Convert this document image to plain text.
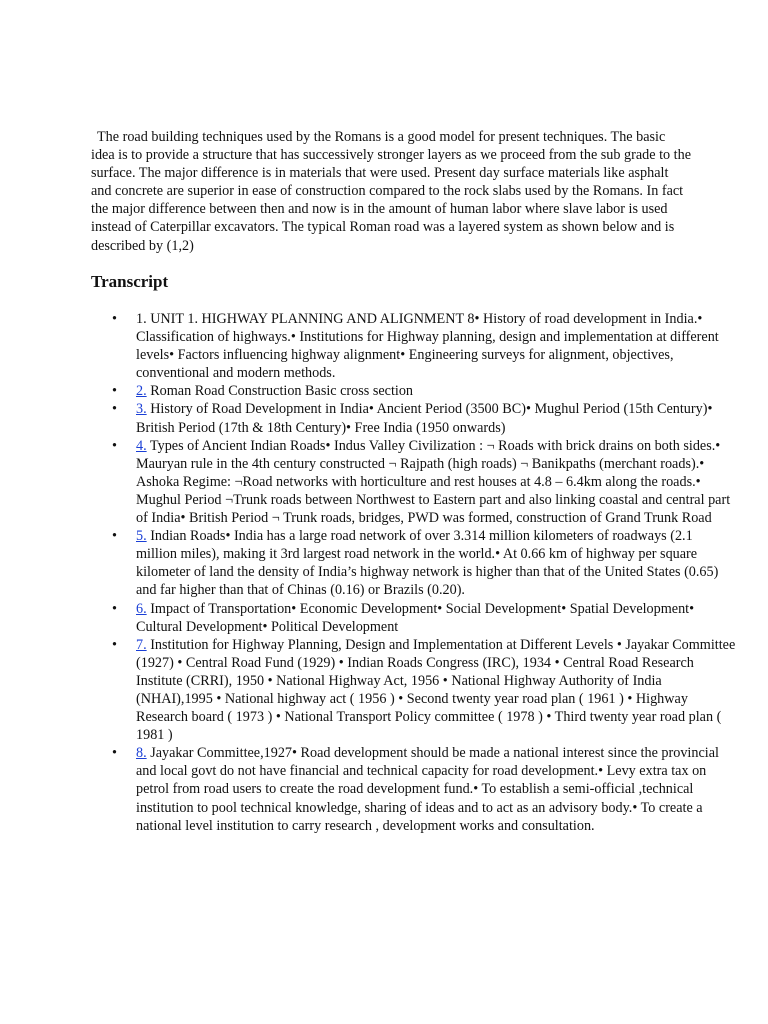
The road building techniques used by the Romans is a good model for present techniques. The basic idea is to provide a structure that has successively stronger layers as we proceed from the sub grade to the surface. The major difference is in materials that were used. Present day surface materials like asphalt and concrete are superior in ease of construction compared to the rock slabs used by the Romans. In fact the major difference between then and now is in the amount of human labor where slave labor is used instead of Caterpillar excavators. The typical Roman road was a layered system as shown below and is described by (1,2)

Transcript
• 1. UNIT 1. HIGHWAY PLANNING AND ALIGNMENT 8• History of road development in India.• Classification of highways.• Institutions for Highway planning, design and implementation at different levels• Factors influencing highway alignment• Engineering surveys for alignment, objectives, conventional and modern methods.
• 2. Roman Road Construction Basic cross section
• 3. History of Road Development in India• Ancient Period (3500 BC)• Mughul Period (15th Century)• British Period (17th & 18th Century)• Free India (1950 onwards)
• 4. Types of Ancient Indian Roads• Indus Valley Civilization : ¬ Roads with brick drains on both sides.• Mauryan rule in the 4th century constructed ¬ Rajpath (high roads) ¬ Banikpaths (merchant roads).• Ashoka Regime: ¬Road networks with horticulture and rest houses at 4.8 – 6.4km along the roads.• Mughul Period ¬Trunk roads between Northwest to Eastern part and also linking coastal and central part of India• British Period ¬ Trunk roads, bridges, PWD was formed, construction of Grand Trunk Road
• 5. Indian Roads• India has a large road network of over 3.314 million kilometers of roadways (2.1 million miles), making it 3rd largest road network in the world.• At 0.66 km of highway per square kilometer of land the density of India’s highway network is higher than that of the United States (0.65) and far higher than that of Chinas (0.16) or Brazils (0.20).
• 6. Impact of Transportation• Economic Development• Social Development• Spatial Development• Cultural Development• Political Development
• 7. Institution for Highway Planning, Design and Implementation at Different Levels • Jayakar Committee (1927) • Central Road Fund (1929) • Indian Roads Congress (IRC), 1934 • Central Road Research Institute (CRRI), 1950 • National Highway Act, 1956 • National Highway Authority of India (NHAI),1995 • National highway act ( 1956 ) • Second twenty year road plan ( 1961 ) • Highway Research board ( 1973 ) • National Transport Policy committee ( 1978 ) • Third twenty year road plan ( 1981 )
• 8. Jayakar Committee,1927• Road development should be made a national interest since the provincial and local govt do not have financial and technical capacity for road development.• Levy extra tax on petrol from road users to create the road development fund.• To establish a semi-official ,technical institution to pool technical knowledge, sharing of ideas and to act as an advisory body.• To create a national level institution to carry research , development works and consultation.
